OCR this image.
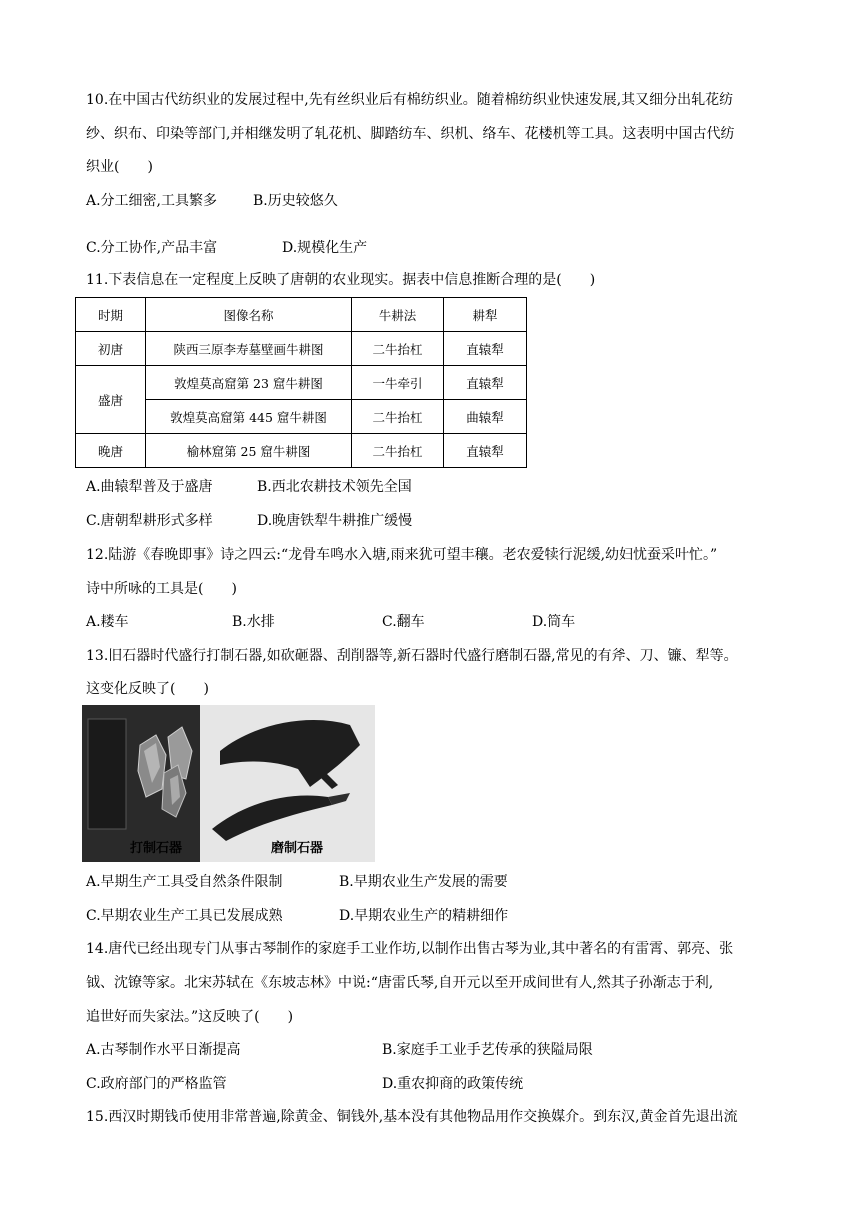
10.在中国古代纺织业的发展过程中,先有丝织业后有棉纺织业。随着棉纺织业快速发展,其又细分出轧花纺
纱、织布、印染等部门,并相继发明了轧花机、脚踏纺车、织机、络车、花楼机等工具。这表明中国古代纺
织业(　　)
A.分工细密,工具繁多	B.历史较悠久
C.分工协作,产品丰富	D.规模化生产
11.下表信息在一定程度上反映了唐朝的农业现实。据表中信息推断合理的是(　　)
时期	图像名称	牛耕法	耕犁
初唐	陕西三原李寿墓壁画牛耕图	二牛抬杠	直辕犁
盛唐	敦煌莫高窟第 23 窟牛耕图	一牛牵引	直辕犁
	敦煌莫高窟第 445 窟牛耕图	二牛抬杠	曲辕犁
晚唐	榆林窟第 25 窟牛耕图	二牛抬杠	直辕犁
A.曲辕犁普及于盛唐	B.西北农耕技术领先全国
C.唐朝犁耕形式多样	D.晚唐铁犁牛耕推广缓慢
12.陆游《春晚即事》诗之四云:“龙骨车鸣水入塘,雨来犹可望丰穰。老农爱犊行泥缓,幼妇忧蚕采叶忙。”
诗中所咏的工具是(　　)
A.耧车	B.水排	C.翻车	D.筒车
13.旧石器时代盛行打制石器,如砍砸器、刮削器等,新石器时代盛行磨制石器,常见的有斧、刀、镰、犁等。
这变化反映了(　　)
打制石器	磨制石器
A.早期生产工具受自然条件限制	B.早期农业生产发展的需要
C.早期农业生产工具已发展成熟	D.早期农业生产的精耕细作
14.唐代已经出现专门从事古琴制作的家庭手工业作坊,以制作出售古琴为业,其中著名的有雷霄、郭亮、张
钺、沈镣等家。北宋苏轼在《东坡志林》中说:“唐雷氏琴,自开元以至开成间世有人,然其子孙渐志于利,
追世好而失家法。”这反映了(　　)
A.古琴制作水平日渐提高	B.家庭手工业手艺传承的狭隘局限
C.政府部门的严格监管	D.重农抑商的政策传统
15.西汉时期钱币使用非常普遍,除黄金、铜钱外,基本没有其他物品用作交换媒介。到东汉,黄金首先退出流
